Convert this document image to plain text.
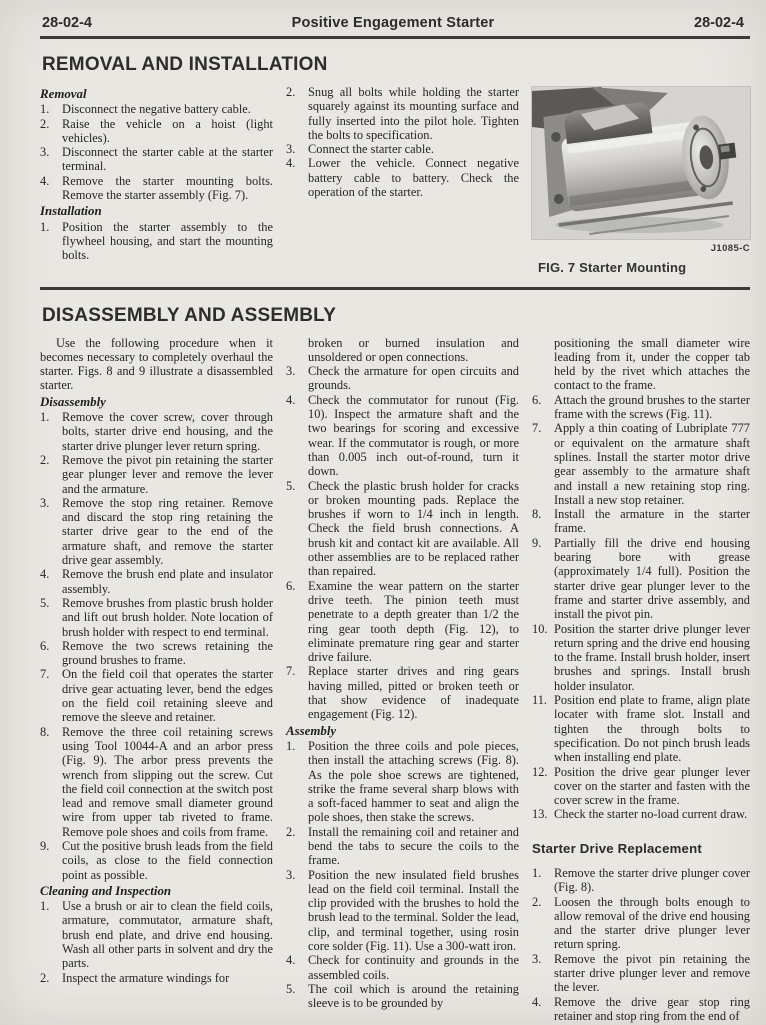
28-02-4	Positive Engagement Starter	28-02-4
REMOVAL AND INSTALLATION
Removal
1.	Disconnect the negative battery cable.
2.	Raise the vehicle on a hoist (light vehicles).
3.	Disconnect the starter cable at the starter terminal.
4.	Remove the starter mounting bolts. Remove the starter assembly (Fig. 7).
Installation
1.	Position the starter assembly to the flywheel housing, and start the mounting bolts.
2.	Snug all bolts while holding the starter squarely against its mounting surface and fully inserted into the pilot hole. Tighten the bolts to specification.
3.	Connect the starter cable.
4.	Lower the vehicle. Connect negative battery cable to battery. Check the operation of the starter.
J1085-C
FIG. 7 Starter Mounting
DISASSEMBLY AND ASSEMBLY

Use the following procedure when it becomes necessary to completely overhaul the starter. Figs. 8 and 9 illustrate a disassembled starter.

Disassembly
1.	Remove the cover screw, cover through bolts, starter drive end housing, and the starter drive plunger lever return spring.
2.	Remove the pivot pin retaining the starter gear plunger lever and remove the lever and the armature.
3.	Remove the stop ring retainer. Remove and discard the stop ring retaining the starter drive gear to the end of the armature shaft, and remove the starter drive gear assembly.
4.	Remove the brush end plate and insulator assembly.
5.	Remove brushes from plastic brush holder and lift out brush holder. Note location of brush holder with respect to end terminal.
6.	Remove the two screws retaining the ground brushes to frame.
7.	On the field coil that operates the starter drive gear actuating lever, bend the edges on the field coil retaining sleeve and remove the sleeve and retainer.
8.	Remove the three coil retaining screws using Tool 10044-A and an arbor press (Fig. 9). The arbor press prevents the wrench from slipping out the screw. Cut the field coil connection at the switch post lead and remove small diameter ground wire from upper tab riveted to frame. Remove pole shoes and coils from frame.
9.	Cut the positive brush leads from the field coils, as close to the field connection point as possible.
Cleaning and Inspection
1.	Use a brush or air to clean the field coils, armature, commutator, armature shaft, brush end plate, and drive end housing. Wash all other parts in solvent and dry the parts.
2.	Inspect the armature windings for
broken or burned insulation and unsoldered or open connections.
3.	Check the armature for open circuits and grounds.
4.	Check the commutator for runout (Fig. 10). Inspect the armature shaft and the two bearings for scoring and excessive wear. If the commutator is rough, or more than 0.005 inch out-of-round, turn it down.
5.	Check the plastic brush holder for cracks or broken mounting pads. Replace the brushes if worn to 1/4 inch in length. Check the field brush connections. A brush kit and contact kit are available. All other assemblies are to be replaced rather than repaired.
6.	Examine the wear pattern on the starter drive teeth. The pinion teeth must penetrate to a depth greater than 1/2 the ring gear tooth depth (Fig. 12), to eliminate premature ring gear and starter drive failure.
7.	Replace starter drives and ring gears having milled, pitted or broken teeth or that show evidence of inadequate engagement (Fig. 12).
Assembly
1.	Position the three coils and pole pieces, then install the attaching screws (Fig. 8). As the pole shoe screws are tightened, strike the frame several sharp blows with a soft-faced hammer to seat and align the pole shoes, then stake the screws.
2.	Install the remaining coil and retainer and bend the tabs to secure the coils to the frame.
3.	Position the new insulated field brushes lead on the field coil terminal. Install the clip provided with the brushes to hold the brush lead to the terminal. Solder the lead, clip, and terminal together, using rosin core solder (Fig. 11). Use a 300-watt iron.
4.	Check for continuity and grounds in the assembled coils.
5.	The coil which is around the retaining sleeve is to be grounded by
positioning the small diameter wire leading from it, under the copper tab held by the rivet which attaches the contact to the frame.
6.	Attach the ground brushes to the starter frame with the screws (Fig. 11).
7.	Apply a thin coating of Lubriplate 777 or equivalent on the armature shaft splines. Install the starter motor drive gear assembly to the armature shaft and install a new retaining stop ring. Install a new stop retainer.
8.	Install the armature in the starter frame.
9.	Partially fill the drive end housing bearing bore with grease (approximately 1/4 full). Position the starter drive gear plunger lever to the frame and starter drive assembly, and install the pivot pin.
10. Position the starter drive plunger lever return spring and the drive end housing to the frame. Install brush holder, insert brushes and springs. Install brush holder insulator.
11. Position end plate to frame, align plate locater with frame slot. Install and tighten the through bolts to specification. Do not pinch brush leads when installing end plate.
12. Position the drive gear plunger lever cover on the starter and fasten with the cover screw in the frame.
13. Check the starter no-load current draw.
Starter Drive Replacement
1.	Remove the starter drive plunger cover (Fig. 8).
2.	Loosen the through bolts enough to allow removal of the drive end housing and the starter drive plunger lever return spring.
3.	Remove the pivot pin retaining the starter drive plunger lever and remove the lever.
4.	Remove the drive gear stop ring retainer and stop ring from the end of
